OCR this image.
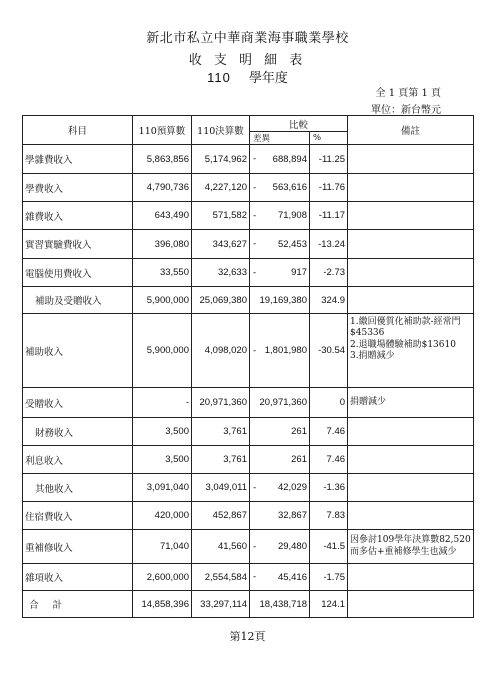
新北市私立中華商業海事職業學校
收 支 明 細 表
110 學年度
全 1 頁第 1 頁
單位：新台幣元
科目	110預算數	110決算數	比較		備註
			差異	%	
學雜費收入	5,863,856	5,174,962	- 688,894	-11.25	
學費收入	4,790,736	4,227,120	- 563,616	-11.76	
雜費收入	643,490	571,582	- 71,908	-11.17	
實習實驗費收入	396,080	343,627	- 52,453	-13.24	
電腦使用費收入	33,550	32,633	- 917	-2.73	
補助及受贈收入	5,900,000	25,069,380	19,169,380	324.9	
補助收入	5,900,000	4,098,020	- 1,801,980	-30.54	1.繳回優質化補助款-經常門
$45336
2.退職場體驗補助$13610
3.捐贈減少
受贈收入	-	20,971,360	20,971,360	0	捐贈減少
財務收入	3,500	3,761	261	7.46	
利息收入	3,500	3,761	261	7.46	
其他收入	3,091,040	3,049,011	- 42,029	-1.36	
住宿費收入	420,000	452,867	32,867	7.83	
重補修收入	71,040	41,560	- 29,480	-41.5	因參討109學年決算數82,520
而多估+重補修學生也減少
雜項收入	2,600,000	2,554,584	- 45,416	-1.75	
合計	14,858,396	33,297,114	18,438,718	124.1	
第12頁
